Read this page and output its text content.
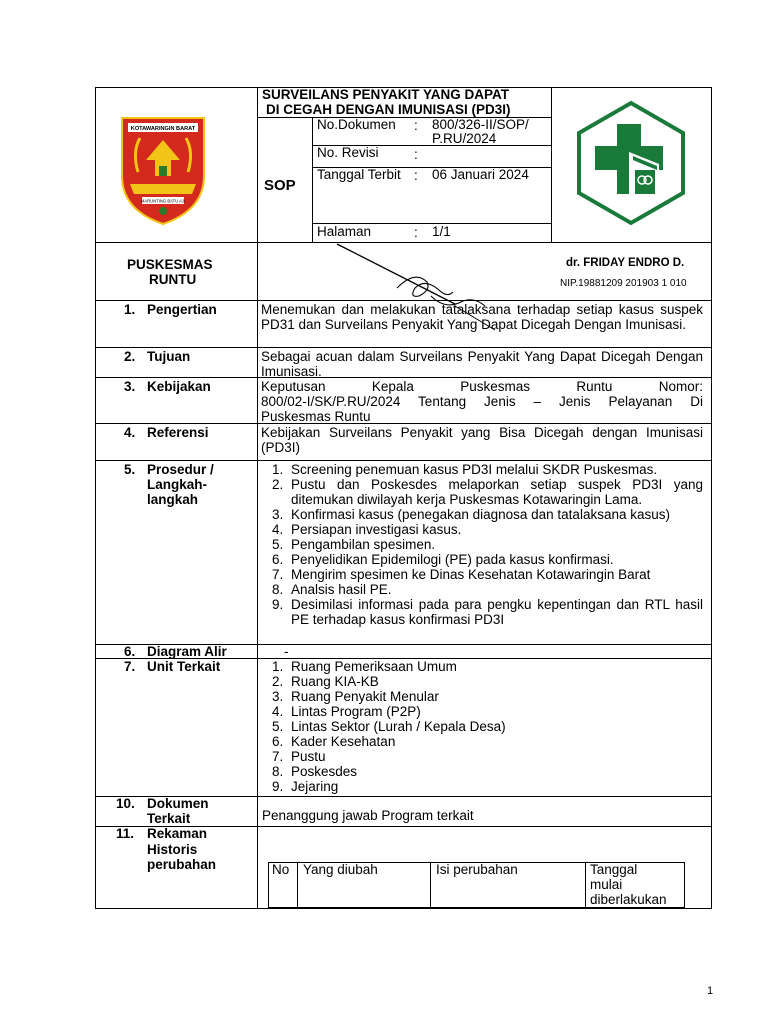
KOTAWARINGIN BARAT
MARUNTING BATU AJI
SURVEILANS PENYAKIT YANG DAPAT
DI CEGAH DENGAN IMUNISASI (PD3I)
SOP
No.Dokumen : 800/326-II/SOP/
P.RU/2024
No. Revisi	:
Tanggal Terbit : 06 Januari 2024
Halaman	: 1/1
PUSKESMAS
RUNTU
dr. FRIDAY ENDRO D.
NIP.19881209 201903 1 010
1. Pengertian	Menemukan dan melakukan tatalaksana terhadap setiap kasus suspek PD31 dan Surveilans Penyakit Yang Dapat Dicegah Dengan Imunisasi.
2. Tujuan	Sebagai acuan dalam Surveilans Penyakit Yang Dapat Dicegah Dengan Imunisasi.
3. Kebijakan	Keputusan Kepala Puskesmas Runtu Nomor:
800/02-I/SK/P.RU/2024 Tentang Jenis – Jenis Pelayanan Di
Puskesmas Runtu
4. Referensi	Kebijakan Surveilans Penyakit yang Bisa Dicegah dengan Imunisasi (PD3I)
5. Prosedur /
Langkah-
langkah
1. Screening penemuan kasus PD3I melalui SKDR Puskesmas.
2. Pustu dan Poskesdes melaporkan setiap suspek PD3I yang ditemukan diwilayah kerja Puskesmas Kotawaringin Lama.
3. Konfirmasi kasus (penegakan diagnosa dan tatalaksana kasus)
4. Persiapan investigasi kasus.
5. Pengambilan spesimen.
6. Penyelidikan Epidemilogi (PE) pada kasus konfirmasi.
7. Mengirim spesimen ke Dinas Kesehatan Kotawaringin Barat
8. Analsis hasil PE.
9. Desimilasi informasi pada para pengku kepentingan dan RTL hasil PE terhadap kasus konfirmasi PD3I
6. Diagram Alir	-
7. Unit Terkait	1. Ruang Pemeriksaan Umum
2. Ruang KIA-KB
3. Ruang Penyakit Menular
4. Lintas Program (P2P)
5. Lintas Sektor (Lurah / Kepala Desa)
6. Kader Kesehatan
7. Pustu
8. Poskesdes
9. Jejaring
10. Dokumen
Terkait	Penanggung jawab Program terkait
11. Rekaman
Historis
perubahan	No Yang diubah	Isi perubahan	Tanggal
mulai
diberlakukan
1
